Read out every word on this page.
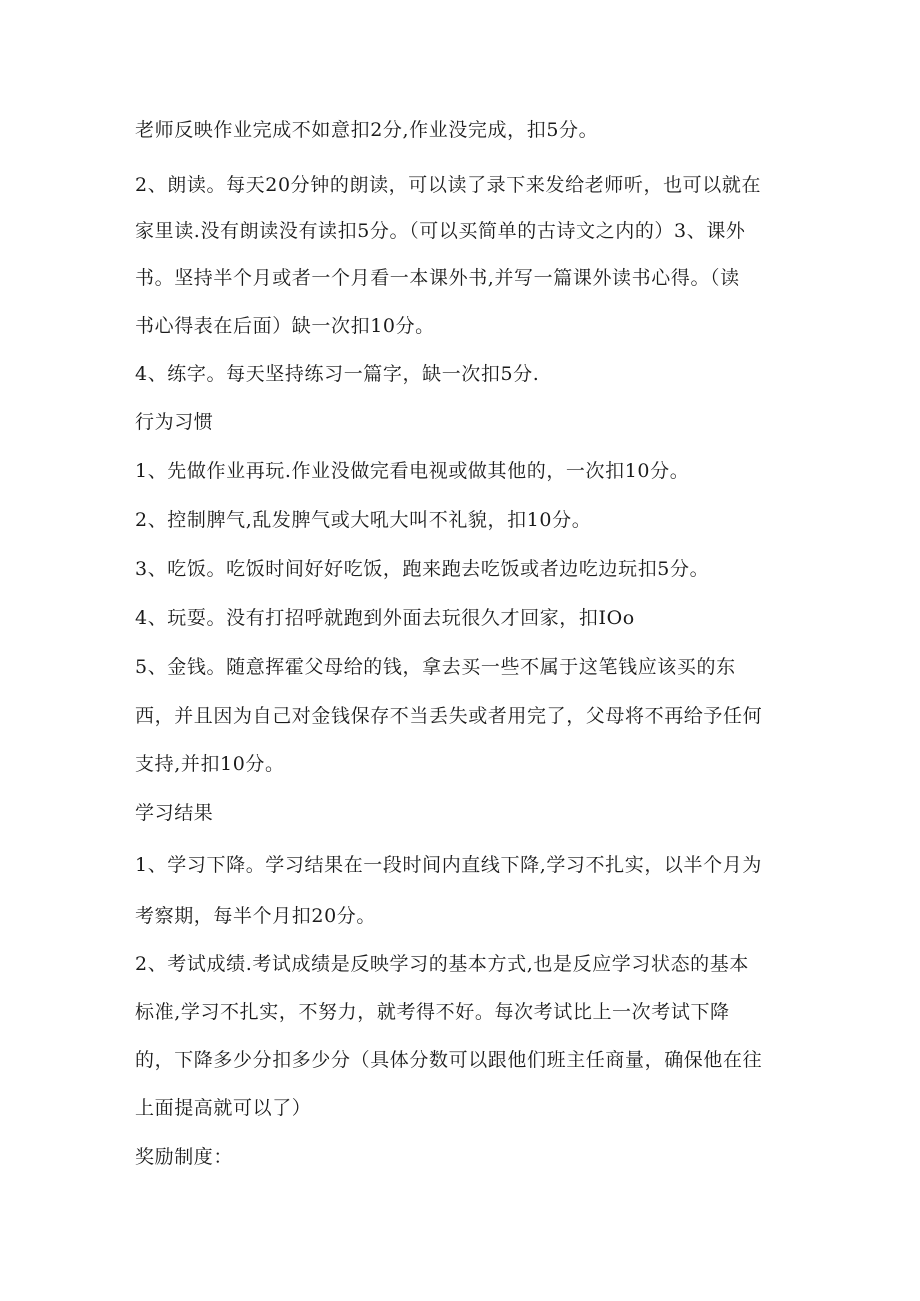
老师反映作业完成不如意扣2分,作业没完成，扣5分。
2、朗读。每天20分钟的朗读，可以读了录下来发给老师听，也可以就在
家里读.没有朗读没有读扣5分。（可以买简单的古诗文之内的）3、课外
书。坚持半个月或者一个月看一本课外书,并写一篇课外读书心得。（读
书心得表在后面）缺一次扣10分。
4、练字。每天坚持练习一篇字，缺一次扣5分.
行为习惯
1、先做作业再玩.作业没做完看电视或做其他的，一次扣10分。
2、控制脾气,乱发脾气或大吼大叫不礼貌，扣10分。
3、吃饭。吃饭时间好好吃饭，跑来跑去吃饭或者边吃边玩扣5分。
4、玩耍。没有打招呼就跑到外面去玩很久才回家，扣IOo
5、金钱。随意挥霍父母给的钱，拿去买一些不属于这笔钱应该买的东
西，并且因为自己对金钱保存不当丢失或者用完了，父母将不再给予任何
支持,并扣10分。
学习结果
1、学习下降。学习结果在一段时间内直线下降,学习不扎实，以半个月为
考察期，每半个月扣20分。
2、考试成绩.考试成绩是反映学习的基本方式,也是反应学习状态的基本
标准,学习不扎实，不努力，就考得不好。每次考试比上一次考试下降
的，下降多少分扣多少分（具体分数可以跟他们班主任商量，确保他在往
上面提高就可以了）
奖励制度：
